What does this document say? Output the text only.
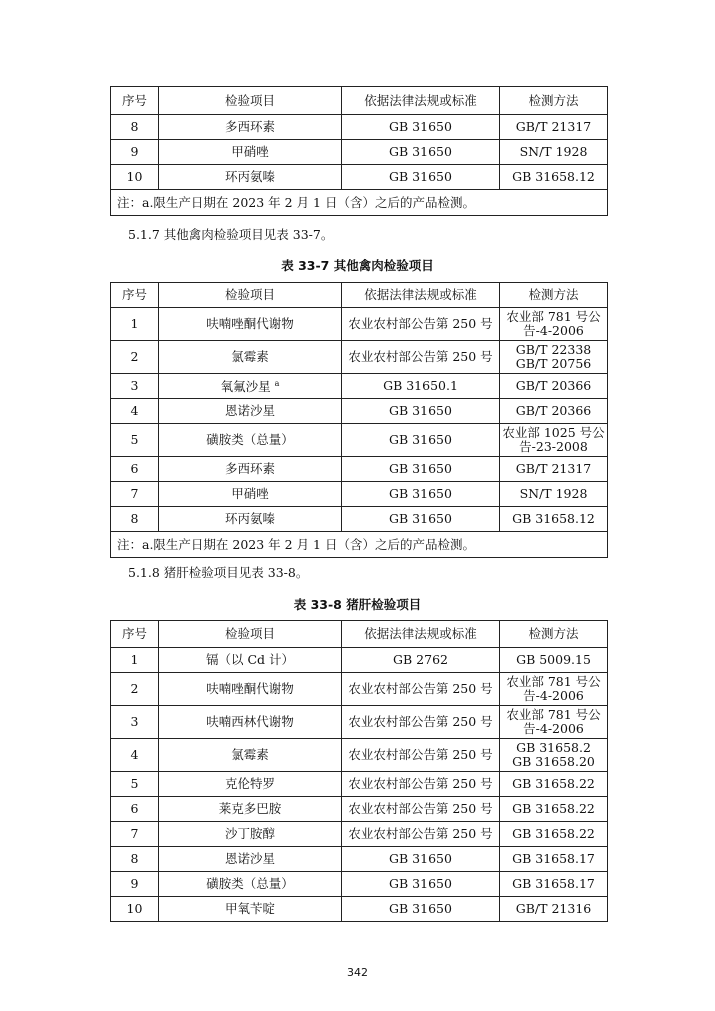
序号	检验项目	依据法律法规或标准	检测方法
8	多西环素	GB 31650	GB/T 21317
9	甲硝唑	GB 31650	SN/T 1928
10	环丙氨嗪	GB 31650	GB 31658.12
注：a.限生产日期在 2023 年 2 月 1 日（含）之后的产品检测。			
5.1.7 其他禽肉检验项目见表 33-7。
表 33-7 其他禽肉检验项目
序号	检验项目	依据法律法规或标准	检测方法
1	呋喃唑酮代谢物	农业农村部公告第 250 号	农业部 781 号公告-4-2006
2	氯霉素	农业农村部公告第 250 号	GB/T 22338
GB/T 20756
3	氧氟沙星 $^a$	GB 31650.1	GB/T 20366
4	恩诺沙星	GB 31650	GB/T 20366
5	磺胺类（总量）	GB 31650	农业部 1025 号公告-23-2008
6	多西环素	GB 31650	GB/T 21317
7	甲硝唑	GB 31650	SN/T 1928
8	环丙氨嗪	GB 31650	GB 31658.12
注：a.限生产日期在 2023 年 2 月 1 日（含）之后的产品检测。			
5.1.8 猪肝检验项目见表 33-8。
表 33-8 猪肝检验项目
序号	检验项目	依据法律法规或标准	检测方法
1	镉（以 Cd 计）	GB 2762	GB 5009.15
2	呋喃唑酮代谢物	农业农村部公告第 250 号	农业部 781 号公告-4-2006
3	呋喃西林代谢物	农业农村部公告第 250 号	农业部 781 号公告-4-2006
4	氯霉素	农业农村部公告第 250 号	GB 31658.2
GB 31658.20
5	克伦特罗	农业农村部公告第 250 号	GB 31658.22
6	莱克多巴胺	农业农村部公告第 250 号	GB 31658.22
7	沙丁胺醇	农业农村部公告第 250 号	GB 31658.22
8	恩诺沙星	GB 31650	GB 31658.17
9	磺胺类（总量）	GB 31650	GB 31658.17
10	甲氧苄啶	GB 31650	GB/T 21316
342
